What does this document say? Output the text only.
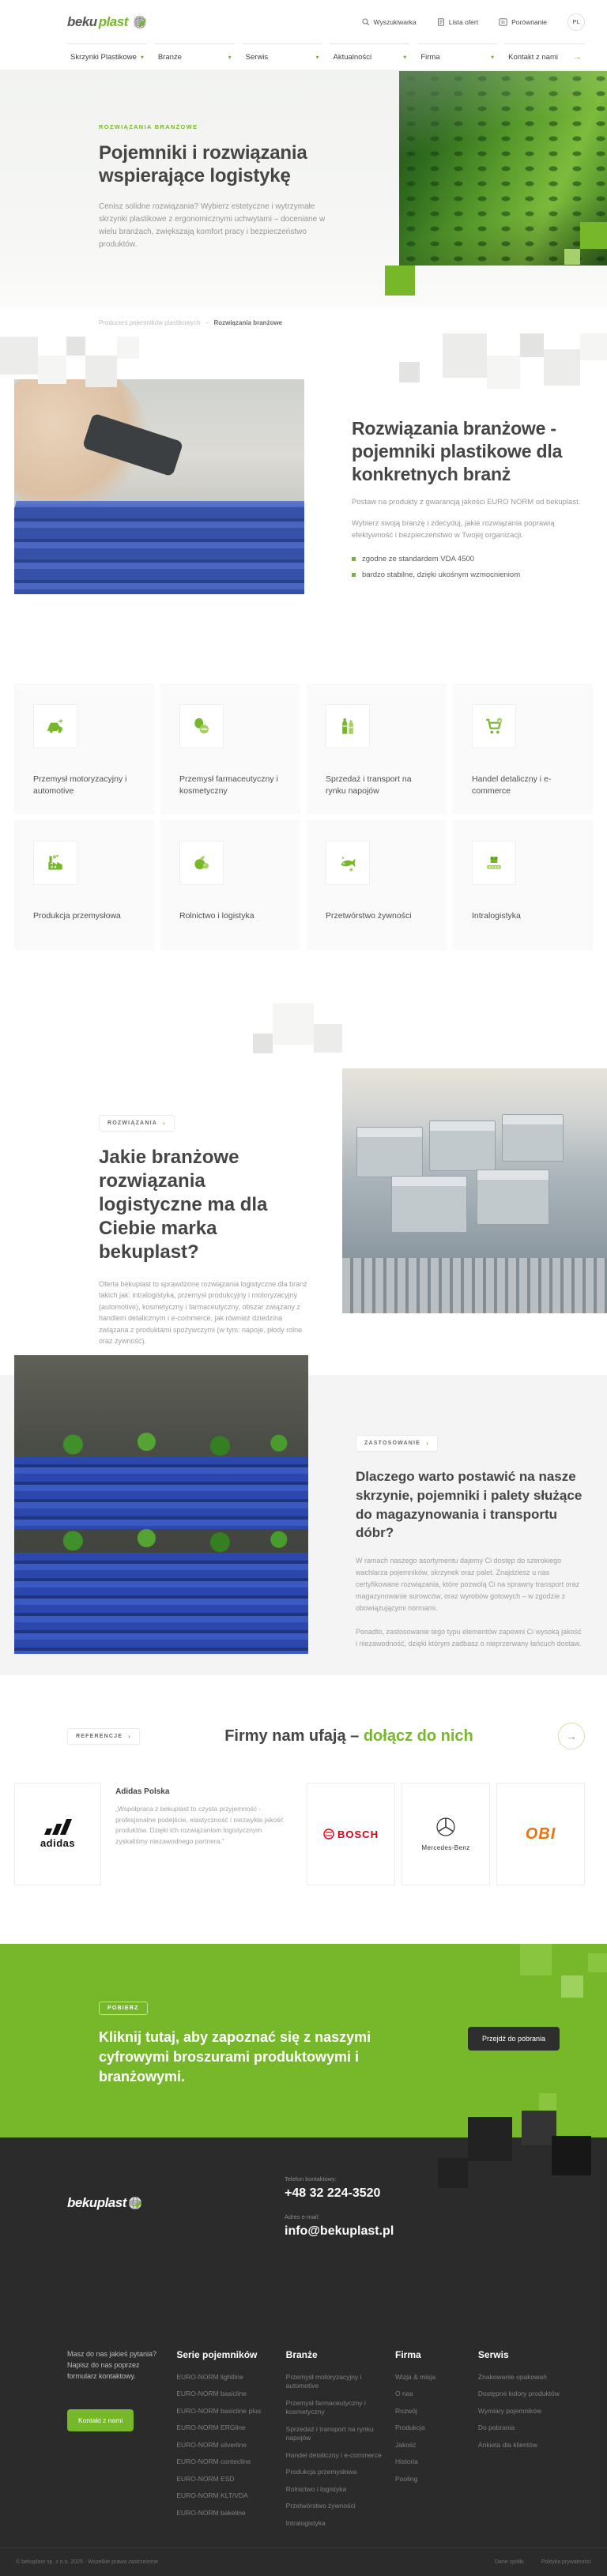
beku plast	Wyszukiwarka	Lista ofert	Porównanie	PL
Skrzynki Plastikowe ▾ Branże	▾ Serwis	▾ Aktualności	▾ Firma	▾ Kontakt z nami →
ROZWIĄZANIA BRANŻOWE
Pojemniki i rozwiązania wspierające logistykę

Cenisz solidne rozwiązania? Wybierz estetyczne i wytrzymałe skrzynki plastikowe z ergonomicznymi uchwytami – doceniane w wielu branżach, zwiększają komfort pracy i bezpieczeństwo produktów.

Producent pojemników plastikowych – Rozwiązania branżowe
Rozwiązania branżowe - pojemniki plastikowe dla konkretnych branż

Postaw na produkty z gwarancją jakości EURO NORM od bekuplast.

Wybierz swoją branżę i zdecyduj, jakie rozwiązania poprawią efektywność i bezpieczeństwo w Twojej organizacji.

zgodne ze standardem VDA 4500
bardzo stabilne, dzięki ukośnym wzmocnieniom
Przemysł motoryzacyjny i automotive
Przemysł farmaceutyczny i kosmetyczny
Sprzedaż i transport na rynku napojów
Handel detaliczny i e-commerce
Produkcja przemysłowa	Rolnictwo i logistyka	Przetwórstwo żywności	Intralogistyka
ROZWIĄZANIA ›
Jakie branżowe rozwiązania logistyczne ma dla Ciebie marka bekuplast?

Oferta bekuplast to sprawdzone rozwiązania logistyczne dla branż takich jak: intralogistyka, przemysł produkcyjny i motoryzacyjny (automotive), kosmetyczny i farmaceutyczny, obszar związany z handlem detalicznym i e-commerce, jak również dziedzina związana z produktami spożywczymi (w tym: napoje, płody rolne oraz żywność).

ZASTOSOWANIE ›
Dlaczego warto postawić na nasze skrzynie, pojemniki i palety służące do magazynowania i transportu dóbr?

W ramach naszego asortymentu dajemy Ci dostęp do szerokiego wachlarza pojemników, skrzynek oraz palet. Znajdziesz u nas certyfikowane rozwiązania, które pozwolą Ci na sprawny transport oraz magazynowanie surowców, oraz wyrobów gotowych – w zgodzie z obowiązującymi normami.

Ponadto, zastosowanie tego typu elementów zapewni Ci wysoką jakość i niezawodność, dzięki którym zadbasz o nieprzerwany łańcuch dostaw.

REFERENCJE ›	Firmy nam ufają – dołącz do nich	→
adidas
Adidas Polska

„Współpraca z bekuplast to czysta przyjemność - profesjonalne podejście, elastyczność i niezwykła jakość produktów. Dzięki ich rozwiązaniom logistycznym zyskaliśmy niezawodnego partnera.”

BOSCH
Mercedes-Benz
OBI
POBIERZ
Kliknij tutaj, aby zapoznać się z naszymi cyfrowymi broszurami produktowymi i branżowymi.
Przejdź do pobrania
beku plast
Telefon kontaktowy:
+48 32 224-3520
Adres e-mail:
info@bekuplast.pl
Masz do nas jakieś pytania? Napisz do nas poprzez formularz kontaktowy.
Kontakt z nami
Serie pojemników
EURO-NORM lightline
EURO-NORM basicline
EURO-NORM basicline plus
EURO-NORM ERGline
EURO-NORM silverline
EURO-NORM contecline
EURO-NORM ESD
EURO-NORM KLT/VDA
EURO-NORM bakeline
Branże
Przemysł motoryzacyjny i automotive
Przemysł farmaceutyczny i kosmetyczny
Sprzedaż i transport na rynku napojów
Handel detaliczny i e-commerce
Produkcja przemysłowa
Rolnictwo i logistyka
Przetwórstwo żywności
Intralogistyka
Firma
Wizja & misja
O nas
Rozwój
Produkcja
Jakość
Historia
Pooling
Serwis
Znakowanie opakowań
Dostępne kolory produktów
Wymiary pojemników
Do pobrania
Ankieta dla klientów
© bekuplast sp. z o.o. 2025 - Wszelkie prawa zastrzeżone	Dane spółki	Polityka prywatności
